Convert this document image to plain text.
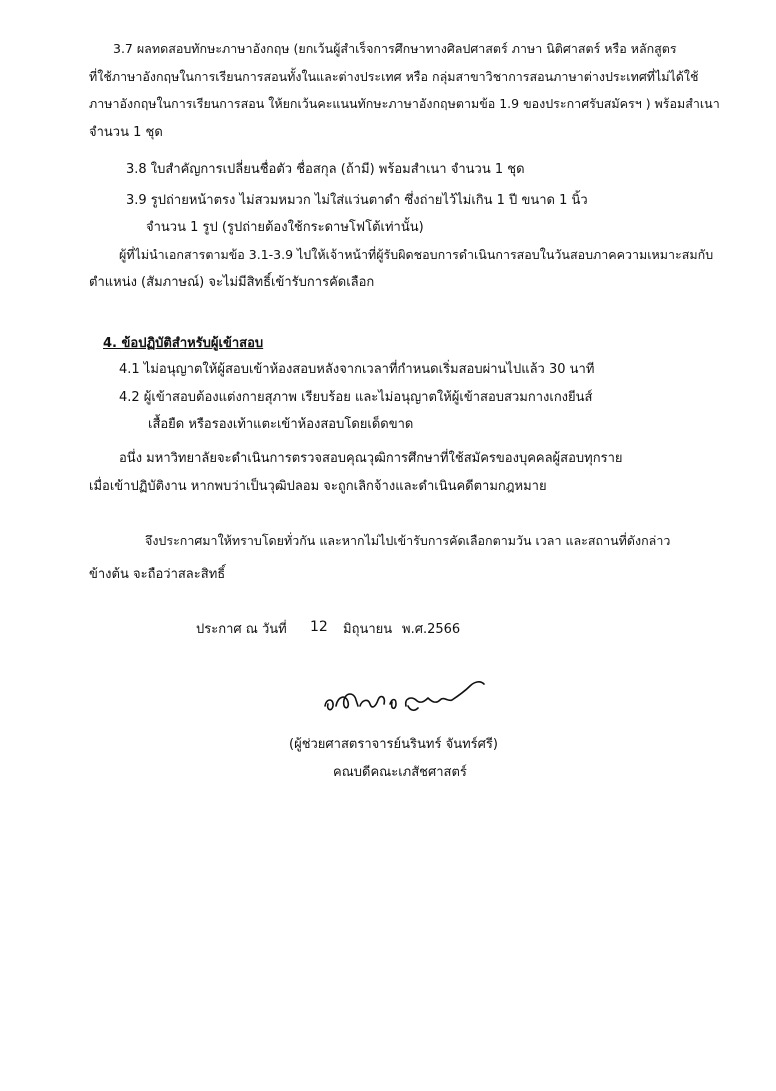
3.7 ผลทดสอบทักษะภาษาอังกฤษ (ยกเว้นผู้สำเร็จการศึกษาทางศิลปศาสตร์ ภาษา นิติศาสตร์ หรือ หลักสูตร
ที่ใช้ภาษาอังกฤษในการเรียนการสอนทั้งในและต่างประเทศ หรือ กลุ่มสาขาวิชาการสอนภาษาต่างประเทศที่ไม่ได้ใช้
ภาษาอังกฤษในการเรียนการสอน ให้ยกเว้นคะแนนทักษะภาษาอังกฤษตามข้อ 1.9 ของประกาศรับสมัครฯ ) พร้อมสำเนา
จำนวน 1 ชุด
3.8 ใบสำคัญการเปลี่ยนชื่อตัว ชื่อสกุล (ถ้ามี) พร้อมสำเนา จำนวน 1 ชุด
3.9 รูปถ่ายหน้าตรง ไม่สวมหมวก ไม่ใส่แว่นตาดำ ซึ่งถ่ายไว้ไม่เกิน 1 ปี ขนาด 1 นิ้ว
จำนวน 1 รูป (รูปถ่ายต้องใช้กระดาษโฟโต้เท่านั้น)
ผู้ที่ไม่นำเอกสารตามข้อ 3.1-3.9 ไปให้เจ้าหน้าที่ผู้รับผิดชอบการดำเนินการสอบในวันสอบภาคความเหมาะสมกับ
ตำแหน่ง (สัมภาษณ์) จะไม่มีสิทธิ์เข้ารับการคัดเลือก
4. ข้อปฏิบัติสำหรับผู้เข้าสอบ
4.1 ไม่อนุญาตให้ผู้สอบเข้าห้องสอบหลังจากเวลาที่กำหนดเริ่มสอบผ่านไปแล้ว 30 นาที
4.2 ผู้เข้าสอบต้องแต่งกายสุภาพ เรียบร้อย และไม่อนุญาตให้ผู้เข้าสอบสวมกางเกงยีนส์
เสื้อยืด หรือรองเท้าแตะเข้าห้องสอบโดยเด็ดขาด
อนึ่ง มหาวิทยาลัยจะดำเนินการตรวจสอบคุณวุฒิการศึกษาที่ใช้สมัครของบุคคลผู้สอบทุกราย
เมื่อเข้าปฏิบัติงาน หากพบว่าเป็นวุฒิปลอม จะถูกเลิกจ้างและดำเนินคดีตามกฎหมาย
จึงประกาศมาให้ทราบโดยทั่วกัน และหากไม่ไปเข้ารับการคัดเลือกตามวัน เวลา และสถานที่ดังกล่าว
ข้างต้น จะถือว่าสละสิทธิ์
ประกาศ ณ วันที่ 12 มิถุนายน พ.ศ.2566
(ผู้ช่วยศาสตราจารย์นรินทร์ จันทร์ศรี)
คณบดีคณะเภสัชศาสตร์
